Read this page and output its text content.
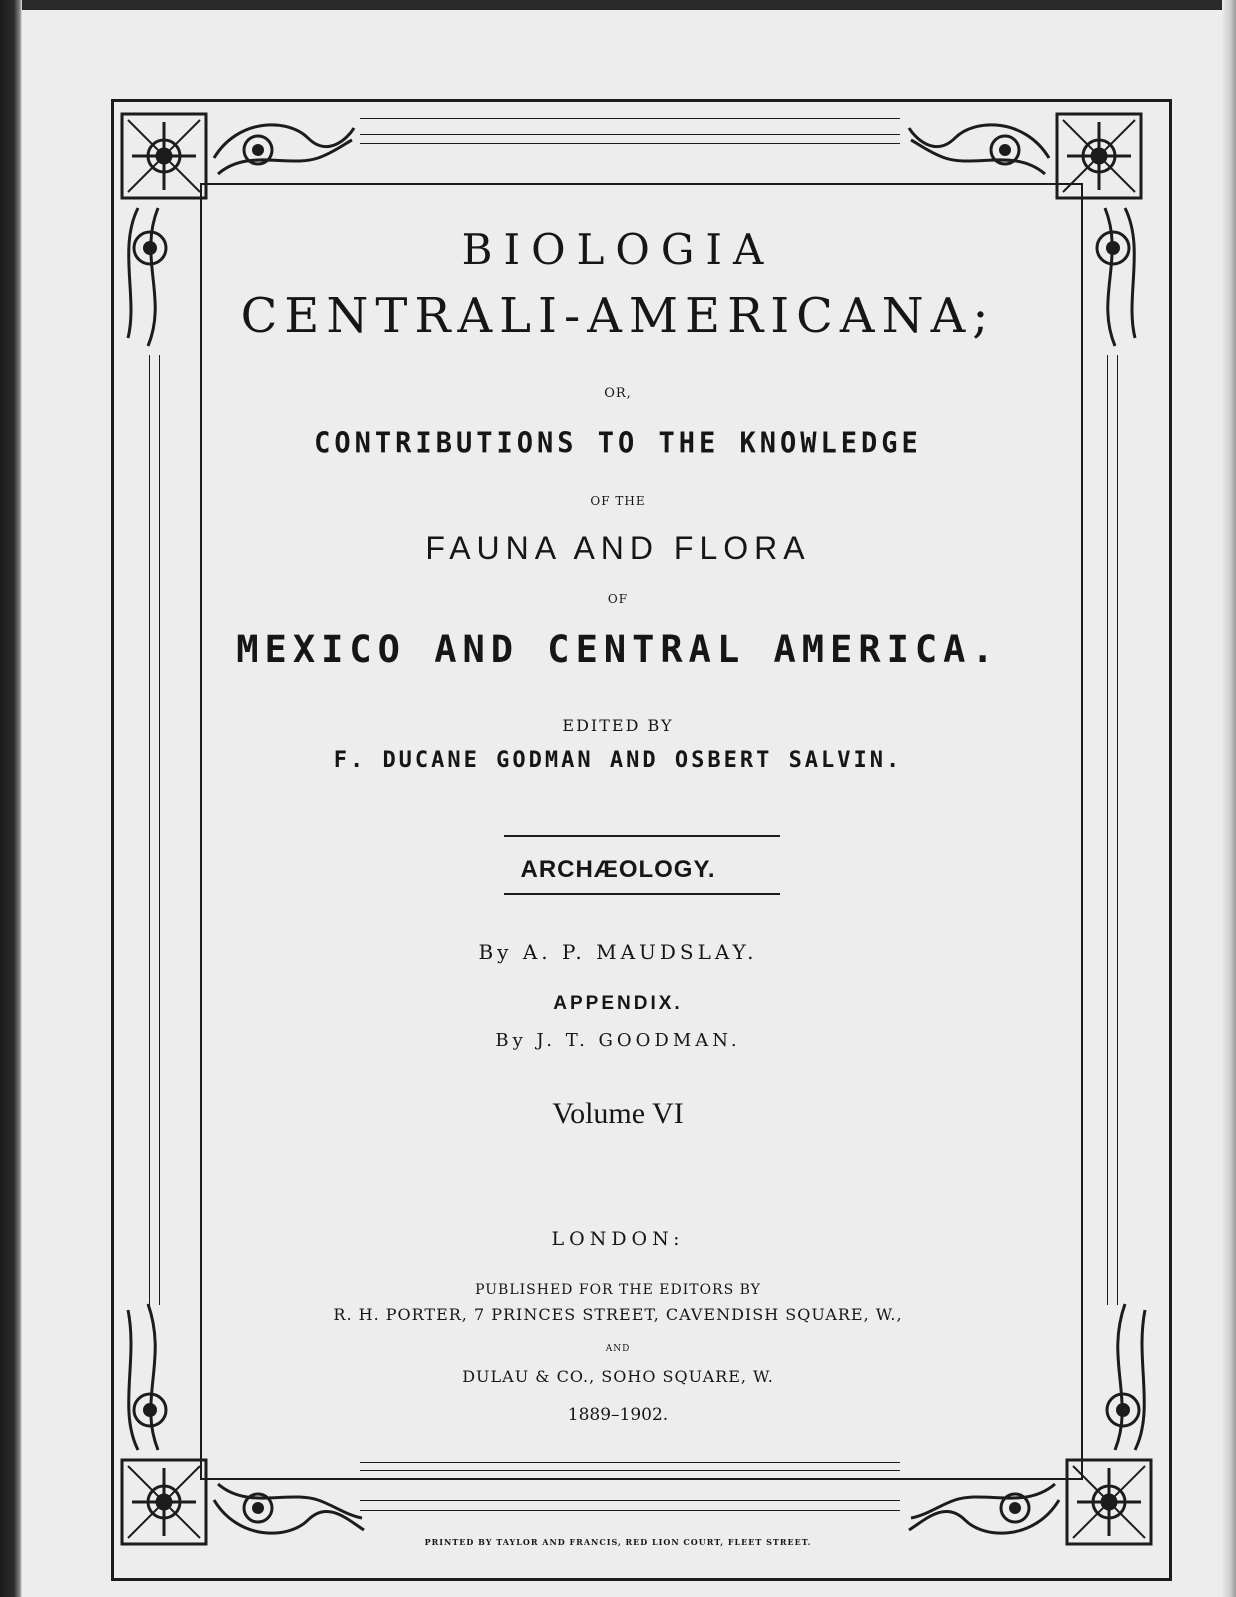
BIOLOGIA
CENTRALI-AMERICANA;
OR,
CONTRIBUTIONS TO THE KNOWLEDGE
OF THE
FAUNA AND FLORA
OF
MEXICO AND CENTRAL AMERICA.
EDITED BY
F. DUCANE GODMAN AND OSBERT SALVIN.
ARCHÆOLOGY.
By A. P. MAUDSLAY.
APPENDIX.
By J. T. GOODMAN.
Volume VI
LONDON:
PUBLISHED FOR THE EDITORS BY
R. H. PORTER, 7 PRINCES STREET, CAVENDISH SQUARE, W.,
AND
DULAU & CO., SOHO SQUARE, W.
1889–1902.
PRINTED BY TAYLOR AND FRANCIS, RED LION COURT, FLEET STREET.
